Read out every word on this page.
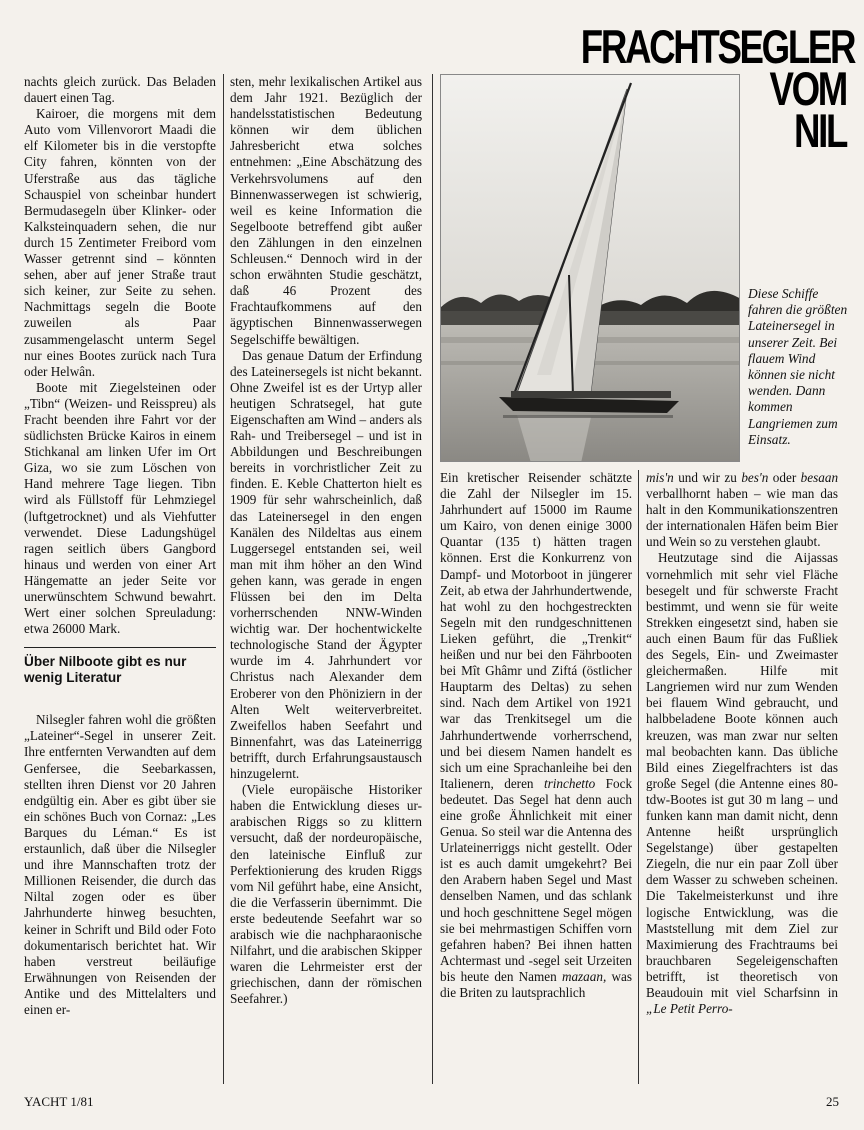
FRACHTSEGLER
VOM
NIL

nachts gleich zurück. Das Beladen dauert einen Tag.

Kairoer, die morgens mit dem Auto vom Villenvorort Maadi die elf Kilometer bis in die verstopfte City fahren, könnten von der Uferstraße aus das tägliche Schauspiel von scheinbar hundert Bermudasegeln über Klinker- oder Kalksteinquadern sehen, die nur durch 15 Zentimeter Freibord vom Wasser getrennt sind – könnten sehen, aber auf jener Straße traut sich keiner, zur Seite zu sehen. Nachmittags segeln die Boote zuweilen als Paar zusammengelascht unterm Segel nur eines Bootes zurück nach Tura oder Helwân.

Boote mit Ziegelsteinen oder „Tibn“ (Weizen- und Reisspreu) als Fracht beenden ihre Fahrt vor der südlichsten Brücke Kairos in einem Stichkanal am linken Ufer im Ort Giza, wo sie zum Löschen von Hand mehrere Tage liegen. Tibn wird als Füllstoff für Lehmziegel (luftgetrocknet) und als Viehfutter verwendet. Diese Ladungshügel ragen seitlich übers Gangbord hinaus und werden von einer Art Hängematte an jeder Seite vor unerwünschtem Schwund bewahrt. Wert einer solchen Spreuladung: etwa 26000 Mark.

Über Nilboote gibt es nur wenig Literatur

Nilsegler fahren wohl die größten „Lateiner“-Segel in unserer Zeit. Ihre entfernten Verwandten auf dem Genfersee, die Seebarkassen, stellten ihren Dienst vor 20 Jahren endgültig ein. Aber es gibt über sie ein schönes Buch von Cornaz: „Les Barques du Léman.“ Es ist erstaunlich, daß über die Nilsegler und ihre Mannschaften trotz der Millionen Reisender, die durch das Niltal zogen oder es über Jahrhunderte hinweg besuchten, keiner in Schrift und Bild oder Foto dokumentarisch berichtet hat. Wir haben verstreut beiläufige Erwähnungen von Reisenden der Antike und des Mittelalters und einen er-

sten, mehr lexikalischen Artikel aus dem Jahr 1921. Bezüglich der handelsstatistischen Bedeutung können wir dem üblichen Jahresbericht etwa solches entnehmen: „Eine Abschätzung des Verkehrsvolumens auf den Binnenwasserwegen ist schwierig, weil es keine Information die Segelboote betreffend gibt außer den Zählungen in den einzelnen Schleusen.“ Dennoch wird in der schon erwähnten Studie geschätzt, daß 46 Prozent des Frachtaufkommens auf den ägyptischen Binnenwasserwegen Segelschiffe bewältigen.

Das genaue Datum der Erfindung des Lateinersegels ist nicht bekannt. Ohne Zweifel ist es der Urtyp aller heutigen Schratsegel, hat gute Eigenschaften am Wind – anders als Rah- und Treibersegel – und ist in Abbildungen und Beschreibungen bereits in vorchristlicher Zeit zu finden. E. Keble Chatterton hielt es 1909 für sehr wahrscheinlich, daß das Lateinersegel in den engen Kanälen des Nildeltas aus einem Luggersegel entstanden sei, weil man mit ihm höher an den Wind gehen kann, was gerade in engen Flüssen bei den im Delta vorherrschenden NNW-Winden wichtig war. Der hochentwickelte technologische Stand der Ägypter wurde im 4. Jahrhundert vor Christus nach Alexander dem Eroberer von den Phöniziern in der Alten Welt weiterverbreitet. Zweifellos haben Seefahrt und Binnenfahrt, was das Lateinerrigg betrifft, durch Erfahrungsaustausch hinzugelernt.

(Viele europäische Historiker haben die Entwicklung dieses ur-arabischen Riggs so zu klittern versucht, daß der nordeuropäische, den lateinische Einfluß zur Perfektionierung des kruden Riggs vom Nil geführt habe, eine Ansicht, die die Verfasserin übernimmt. Die erste bedeutende Seefahrt war so arabisch wie die nachpharaonische Nilfahrt, und die arabischen Skipper waren die Lehrmeister erst der griechischen, dann der römischen Seefahrer.)

Diese Schiffe fahren die größten Lateinersegel in unserer Zeit. Bei flauem Wind können sie nicht wenden. Dann kommen Langriemen zum Einsatz.

Ein kretischer Reisender schätzte die Zahl der Nilsegler im 15. Jahrhundert auf 15000 im Raume um Kairo, von denen einige 3000 Quantar (135 t) hätten tragen können. Erst die Konkurrenz von Dampf- und Motorboot in jüngerer Zeit, ab etwa der Jahrhundertwende, hat wohl zu den hochgestreckten Segeln mit den rundgeschnittenen Lieken geführt, die „Trenkit“ heißen und nur bei den Fährbooten bei Mît Ghâmr und Ziftá (östlicher Hauptarm des Deltas) zu sehen sind. Nach dem Artikel von 1921 war das Trenkitsegel um die Jahrhundertwende vorherrschend, und bei diesem Namen handelt es sich um eine Sprachanleihe bei den Italienern, deren trinchetto Fock bedeutet. Das Segel hat denn auch eine große Ähnlichkeit mit einer Genua. So steil war die Antenna des Urlateinerriggs nicht gestellt. Oder ist es auch damit umgekehrt? Bei den Arabern haben Segel und Mast denselben Namen, und das schlank und hoch geschnittene Segel mögen sie bei mehrmastigen Schiffen vorn gefahren haben? Bei ihnen hatten Achtermast und -segel seit Urzeiten bis heute den Namen mazaan, was die Briten zu lautsprachlich

mis'n und wir zu bes'n oder besaan verballhornt haben – wie man das halt in den Kommunikationszentren der internationalen Häfen beim Bier und Wein so zu verstehen glaubt.

Heutzutage sind die Aijassas vornehmlich mit sehr viel Fläche besegelt und für schwerste Fracht bestimmt, und wenn sie für weite Strekken eingesetzt sind, haben sie auch einen Baum für das Fußliek des Segels, Ein- und Zweimaster gleichermaßen. Hilfe mit Langriemen wird nur zum Wenden bei flauem Wind gebraucht, und halbbeladene Boote können auch kreuzen, was man zwar nur selten mal beobachten kann. Das übliche Bild eines Ziegelfrachters ist das große Segel (die Antenne eines 80-tdw-Bootes ist gut 30 m lang – und funken kann man damit nicht, denn Antenne heißt ursprünglich Segelstange) über gestapelten Ziegeln, die nur ein paar Zoll über dem Wasser zu schweben scheinen. Die Takelmeisterkunst und ihre logische Entwicklung, was die Maststellung mit dem Ziel zur Maximierung des Frachtraums bei brauchbaren Segeleigenschaften betrifft, ist theoretisch von Beaudouin mit viel Scharfsinn in „Le Petit Perro-

YACHT 1/81	25
